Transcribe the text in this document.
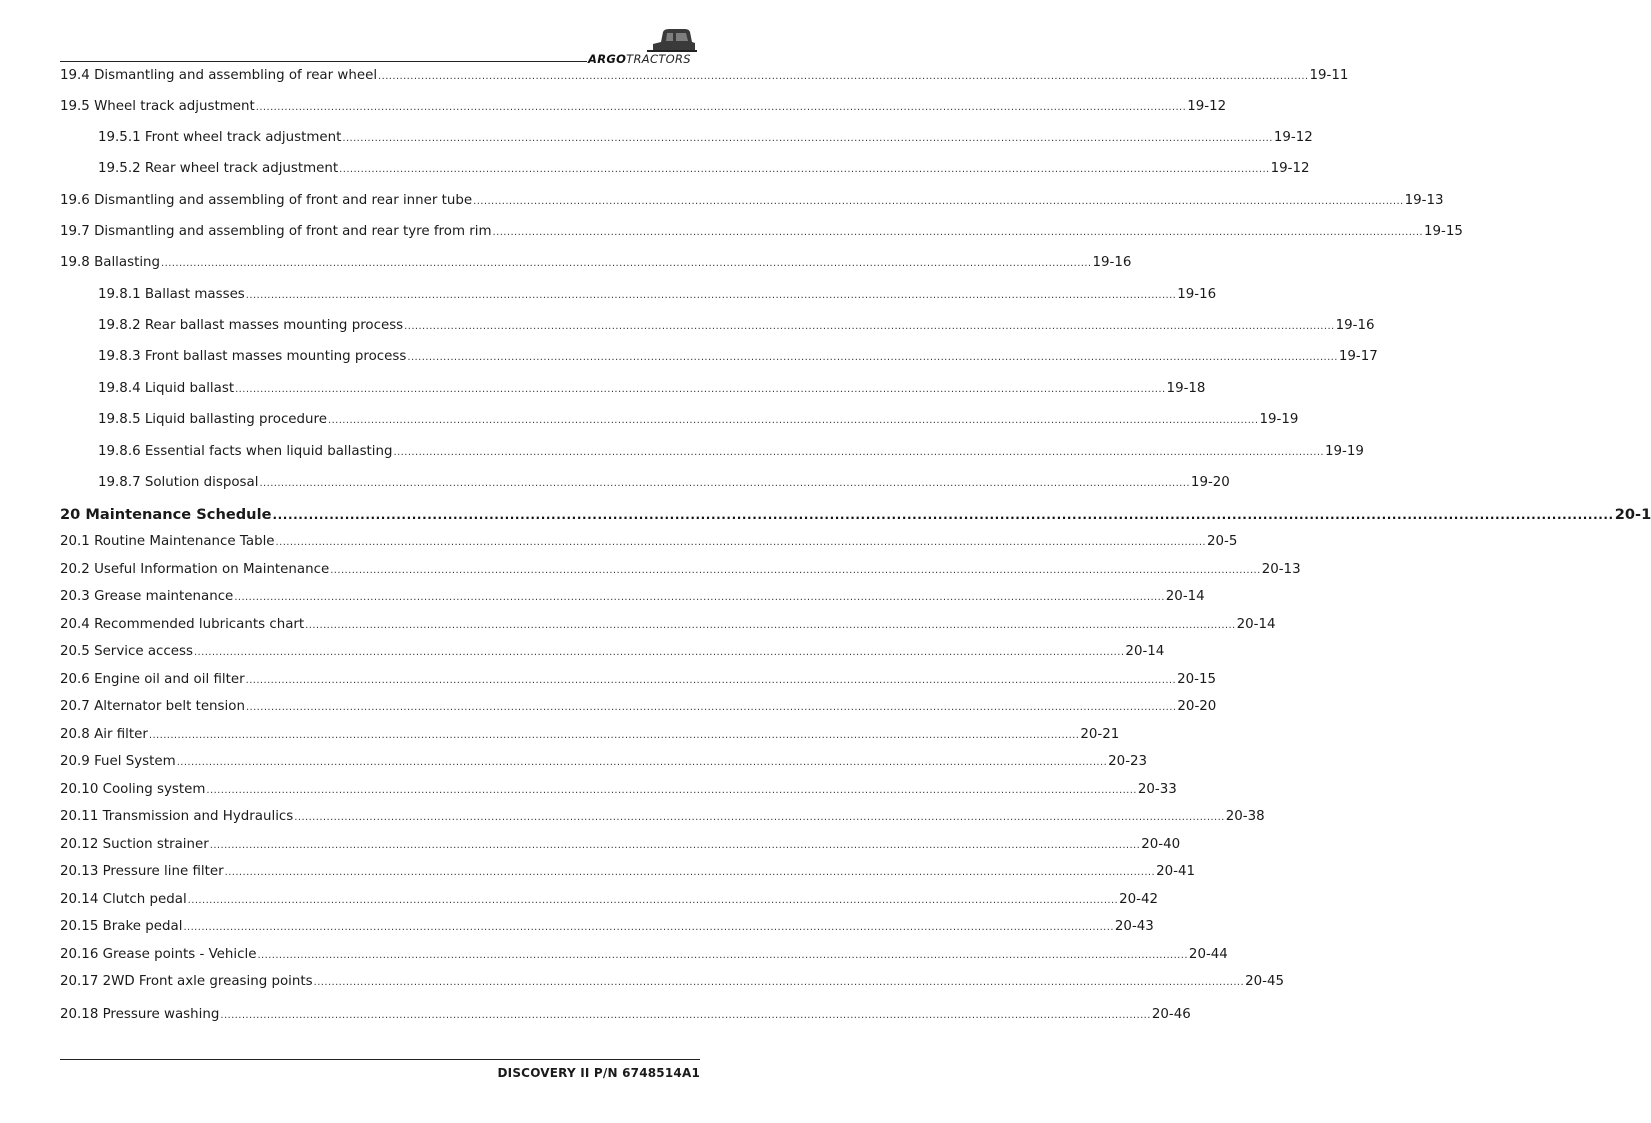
ARGOTRACTORS
19.4 Dismantling and assembling of rear wheel .................................................................................................................................................................................................................................................................... 19-11
19.5 Wheel track adjustment .................................................................................................................................................................................................................................................................... 19-12
19.5.1 Front wheel track adjustment .................................................................................................................................................................................................................................................................... 19-12
19.5.2 Rear wheel track adjustment .................................................................................................................................................................................................................................................................... 19-12
19.6 Dismantling and assembling of front and rear inner tube .................................................................................................................................................................................................................................................................... 19-13
19.7 Dismantling and assembling of front and rear tyre from rim .................................................................................................................................................................................................................................................................... 19-15
19.8 Ballasting .................................................................................................................................................................................................................................................................... 19-16
19.8.1 Ballast masses .................................................................................................................................................................................................................................................................... 19-16
19.8.2 Rear ballast masses mounting process .................................................................................................................................................................................................................................................................... 19-16
19.8.3 Front ballast masses mounting process .................................................................................................................................................................................................................................................................... 19-17
19.8.4 Liquid ballast .................................................................................................................................................................................................................................................................... 19-18
19.8.5 Liquid ballasting procedure .................................................................................................................................................................................................................................................................... 19-19
19.8.6 Essential facts when liquid ballasting .................................................................................................................................................................................................................................................................... 19-19
19.8.7 Solution disposal .................................................................................................................................................................................................................................................................... 19-20
20 Maintenance Schedule .................................................................................................................................................................................................................................................................... 20-1
20.1 Routine Maintenance Table .................................................................................................................................................................................................................................................................... 20-5
20.2 Useful Information on Maintenance .................................................................................................................................................................................................................................................................... 20-13
20.3 Grease maintenance .................................................................................................................................................................................................................................................................... 20-14
20.4 Recommended lubricants chart .................................................................................................................................................................................................................................................................... 20-14
20.5 Service access .................................................................................................................................................................................................................................................................... 20-14
20.6 Engine oil and oil filter .................................................................................................................................................................................................................................................................... 20-15
20.7 Alternator belt tension .................................................................................................................................................................................................................................................................... 20-20
20.8 Air filter .................................................................................................................................................................................................................................................................... 20-21
20.9 Fuel System .................................................................................................................................................................................................................................................................... 20-23
20.10 Cooling system .................................................................................................................................................................................................................................................................... 20-33
20.11 Transmission and Hydraulics .................................................................................................................................................................................................................................................................... 20-38
20.12 Suction strainer .................................................................................................................................................................................................................................................................... 20-40
20.13 Pressure line filter .................................................................................................................................................................................................................................................................... 20-41
20.14 Clutch pedal .................................................................................................................................................................................................................................................................... 20-42
20.15 Brake pedal .................................................................................................................................................................................................................................................................... 20-43
20.16 Grease points - Vehicle .................................................................................................................................................................................................................................................................... 20-44
20.17 2WD Front axle greasing points .................................................................................................................................................................................................................................................................... 20-45
20.18 Pressure washing .................................................................................................................................................................................................................................................................... 20-46
DISCOVERY II P/N 6748514A1
